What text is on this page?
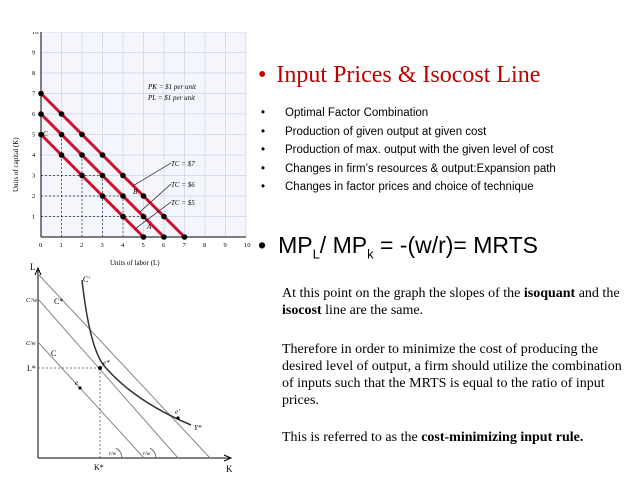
0	1	2	3	4	5	6	7	8	9	10
1
2
3
4
5
6
7
8
9
10
Units of capital (K)
Units of labor (L)
PK = $1 per unit
PL = $1 per unit
TC = $7
TC = $6
TC = $5
C
B
A
L
K
C'
C*
C
C'/w
C/w
L*
K*
e*
e
e'
Y*
r/w	r/w
• Input Prices & Isocost Line
• Optimal Factor Combination
• Production of given output at given cost
• Production of max. output with the given level of cost
• Changes in firm’s resources & output:Expansion path
• Changes in factor prices and choice of technique
• $MP_L/$ $MP_k = -(w/r)=$ MRTS
At this point on the graph the slopes of the isoquant and the isocost line are the same.
Therefore in order to minimize the cost of producing the desired level of output, a firm should utilize the combination of inputs such that the MRTS is equal to the ratio of input prices.
This is referred to as the cost-minimizing input rule.
